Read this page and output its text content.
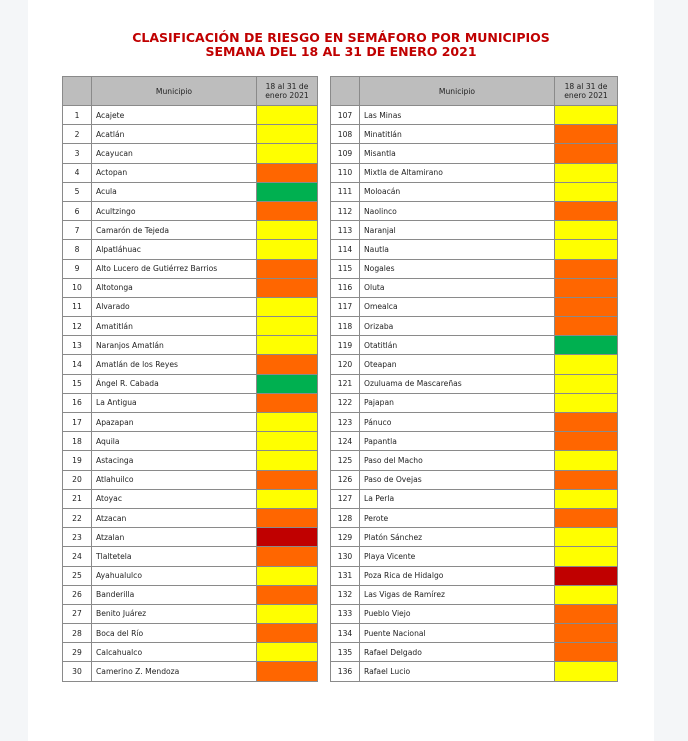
CLASIFICACIÓN DE RIESGO EN SEMÁFORO POR MUNICIPIOS
SEMANA DEL 18 AL 31 DE ENERO 2021
	Municipio	18 al 31 de
enero 2021
1	Acajete	
2	Acatlán	
3	Acayucan	
4	Actopan	
5	Acula	
6	Acultzingo	
7	Camarón de Tejeda	
8	Alpatláhuac	
9	Alto Lucero de Gutiérrez Barrios	
10	Altotonga	
11	Alvarado	
12	Amatitlán	
13	Naranjos Amatlán	
14	Amatlán de los Reyes	
15	Ángel R. Cabada	
16	La Antigua	
17	Apazapan	
18	Aquila	
19	Astacinga	
20	Atlahuilco	
21	Atoyac	
22	Atzacan	
23	Atzalan	
24	Tlaltetela	
25	Ayahualulco	
26	Banderilla	
27	Benito Juárez	
28	Boca del Río	
29	Calcahualco	
30	Camerino Z. Mendoza	
	Municipio	18 al 31 de
enero 2021
107	Las Minas	
108	Minatitlán	
109	Misantla	
110	Mixtla de Altamirano	
111	Moloacán	
112	Naolinco	
113	Naranjal	
114	Nautla	
115	Nogales	
116	Oluta	
117	Omealca	
118	Orizaba	
119	Otatitlán	
120	Oteapan	
121	Ozuluama de Mascareñas	
122	Pajapan	
123	Pánuco	
124	Papantla	
125	Paso del Macho	
126	Paso de Ovejas	
127	La Perla	
128	Perote	
129	Platón Sánchez	
130	Playa Vicente	
131	Poza Rica de Hidalgo	
132	Las Vigas de Ramírez	
133	Pueblo Viejo	
134	Puente Nacional	
135	Rafael Delgado	
136	Rafael Lucio	
